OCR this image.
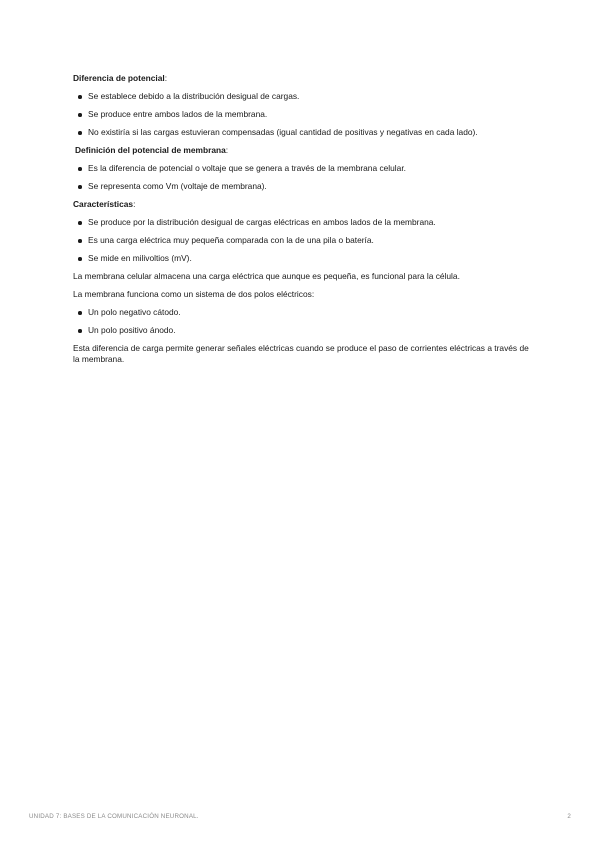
Diferencia de potencial:
Se establece debido a la distribución desigual de cargas.
Se produce entre ambos lados de la membrana.
No existiría si las cargas estuvieran compensadas (igual cantidad de positivas y negativas en cada lado).
Definición del potencial de membrana:
Es la diferencia de potencial o voltaje que se genera a través de la membrana celular.
Se representa como Vm (voltaje de membrana).
Características:
Se produce por la distribución desigual de cargas eléctricas en ambos lados de la membrana.
Es una carga eléctrica muy pequeña comparada con la de una pila o batería.
Se mide en milivoltios (mV).

La membrana celular almacena una carga eléctrica que aunque es pequeña, es funcional para la célula.

La membrana funciona como un sistema de dos polos eléctricos:

Un polo negativo cátodo.
Un polo positivo ánodo.

Esta diferencia de carga permite generar señales eléctricas cuando se produce el paso de corrientes eléctricas a través de la membrana.

UNIDAD 7: BASES DE LA COMUNICACIÓN NEURONAL.	2
